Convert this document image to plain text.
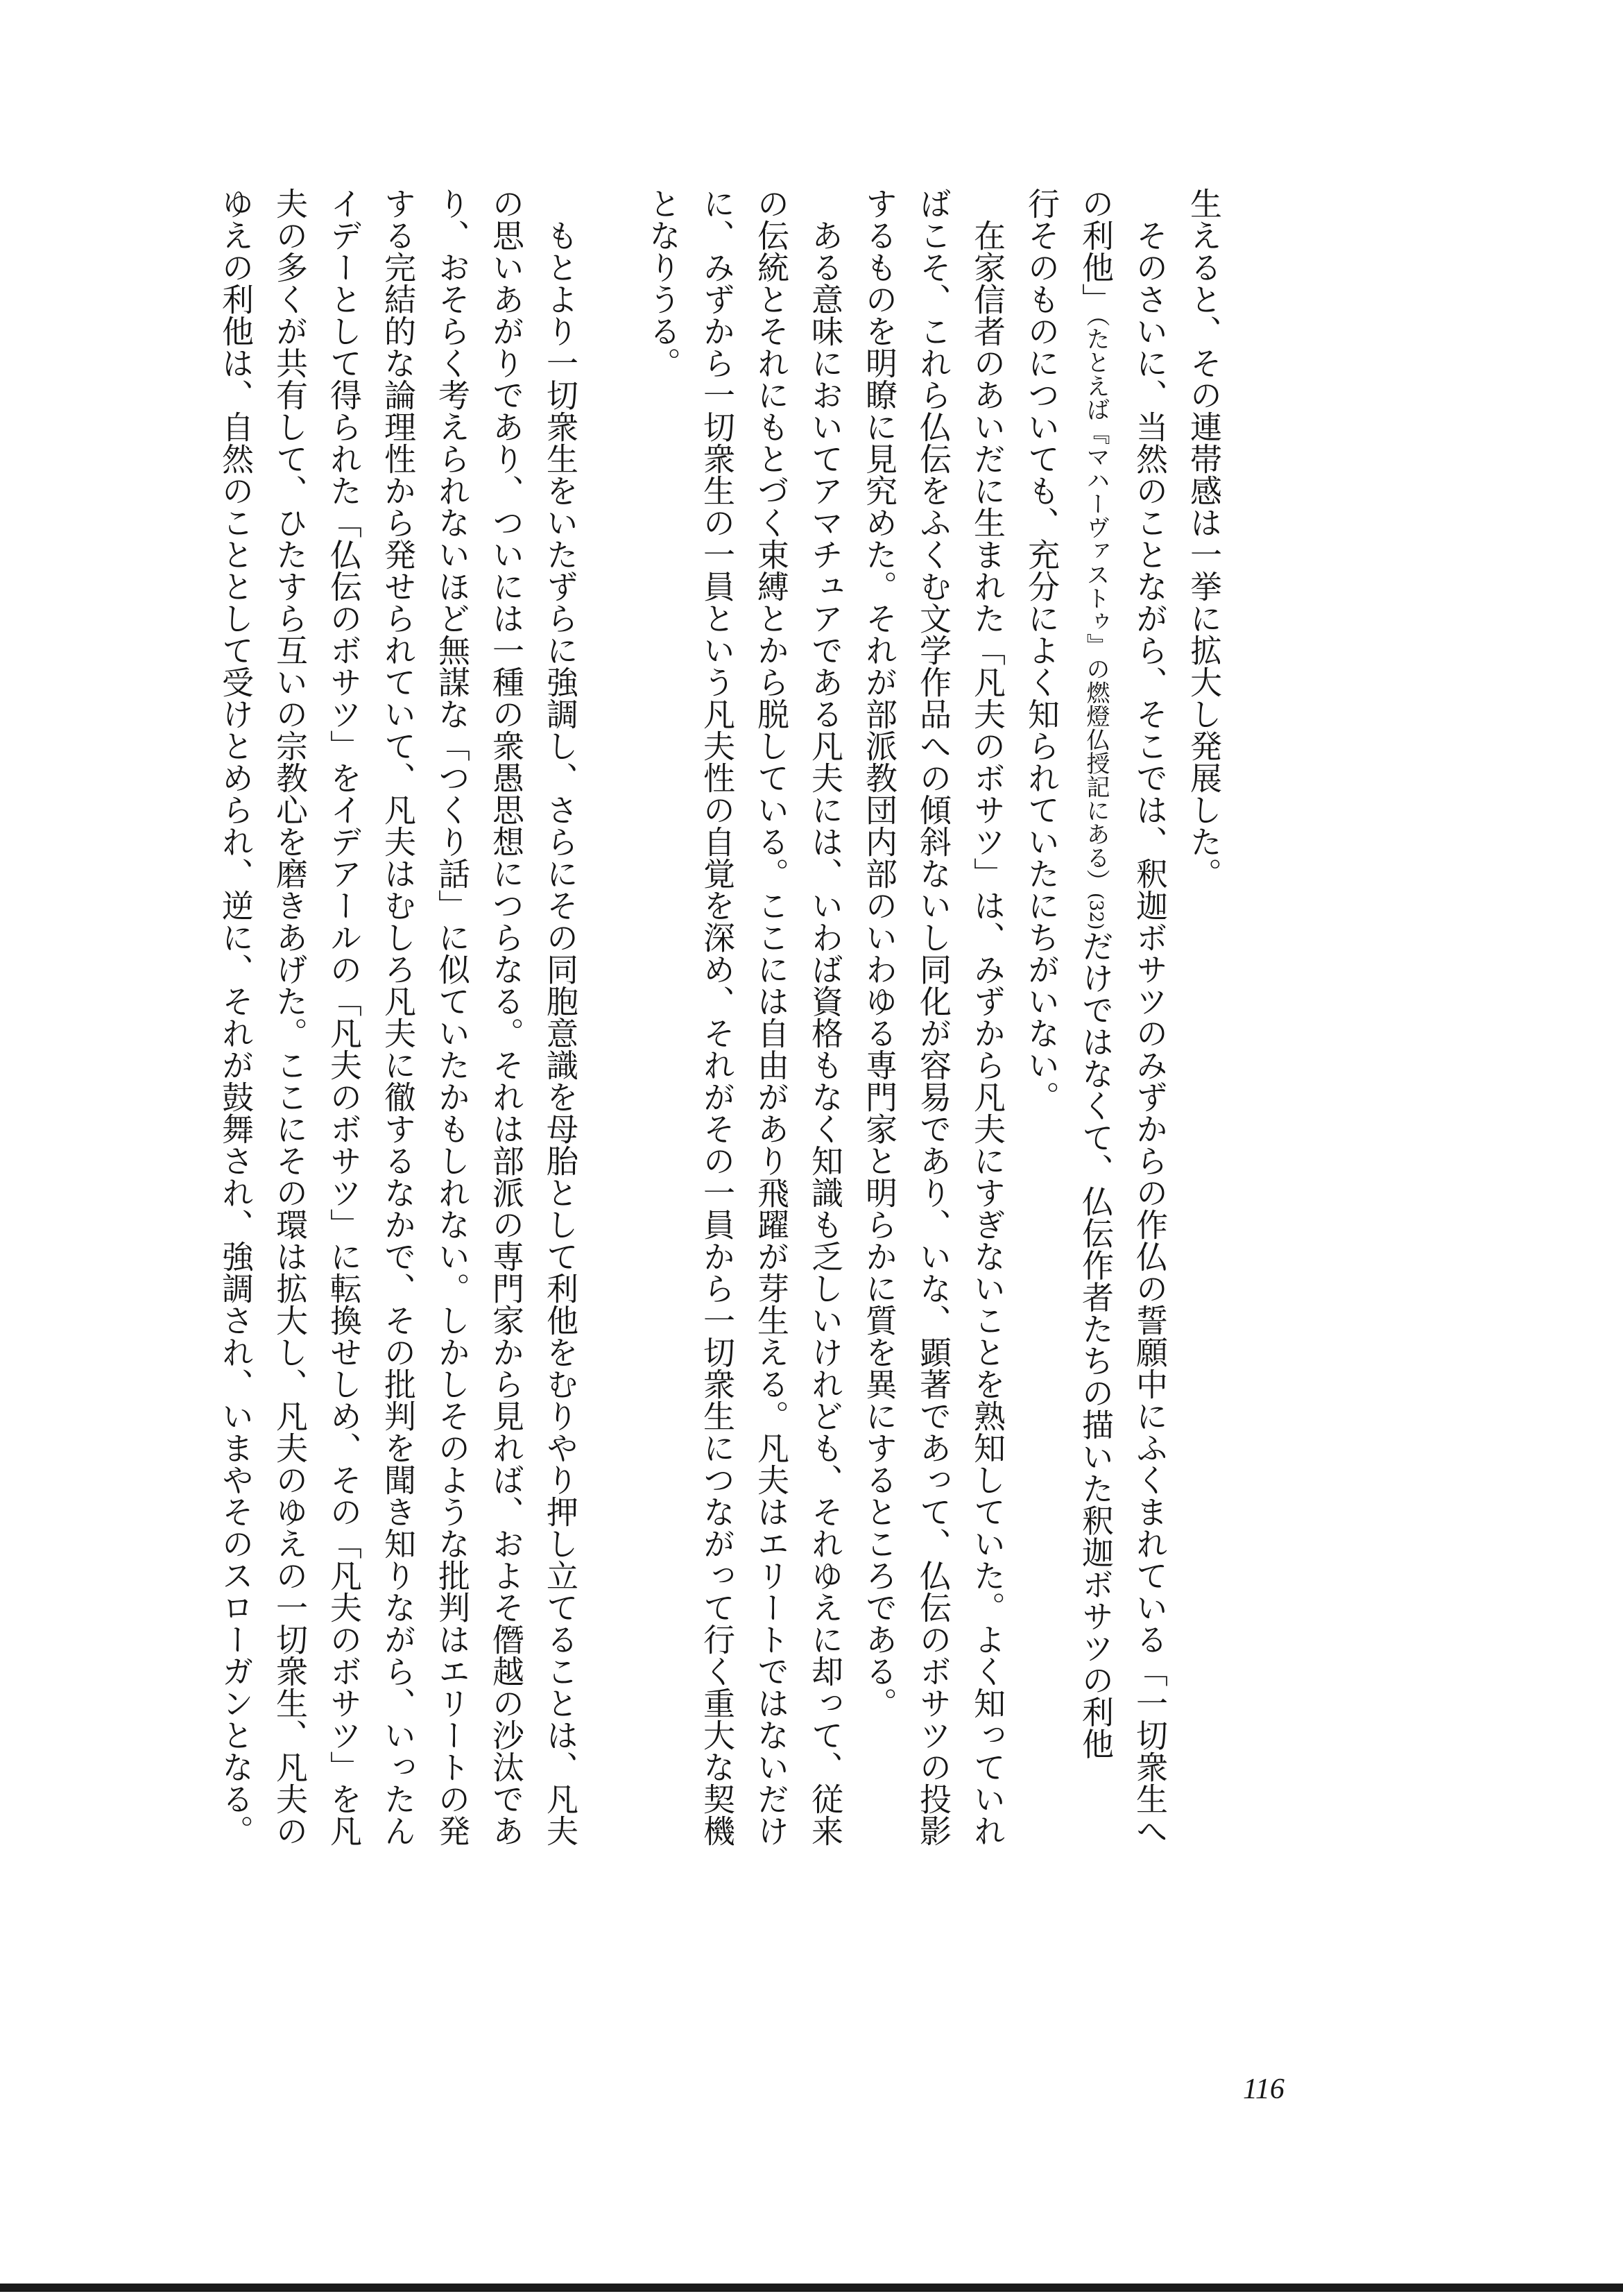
生えると、その連帯感は一挙に拡大し発展した。
そのさいに、当然のことながら、そこでは、釈迦ボサツのみずからの作仏の誓願中にふくまれている「一切衆生へ
の利他」（たとえば『マハーヴァストゥ』の燃燈仏授記にある）(32)だけではなくて、仏伝作者たちの描いた釈迦ボサツの利他
行そのものについても、充分によく知られていたにちがいない。
在家信者のあいだに生まれた「凡夫のボサツ」は、みずから凡夫にすぎないことを熟知していた。よく知っていれ
ばこそ、これら仏伝をふくむ文学作品への傾斜ないし同化が容易であり、いな、顕著であって、仏伝のボサツの投影
するものを明瞭に見究めた。それが部派教団内部のいわゆる専門家と明らかに質を異にするところである。
ある意味においてアマチュアである凡夫には、いわば資格もなく知識も乏しいけれども、それゆえに却って、従来
の伝統とそれにもとづく束縛とから脱している。ここには自由があり飛躍が芽生える。凡夫はエリートではないだけ
に、みずから一切衆生の一員という凡夫性の自覚を深め、それがその一員から一切衆生につながって行く重大な契機
となりうる。
もとより一切衆生をいたずらに強調し、さらにその同胞意識を母胎として利他をむりやり押し立てることは、凡夫
の思いあがりであり、ついには一種の衆愚思想につらなる。それは部派の専門家から見れば、およそ僭越の沙汰であ
り、おそらく考えられないほど無謀な「つくり話」に似ていたかもしれない。しかしそのような批判はエリートの発
する完結的な論理性から発せられていて、凡夫はむしろ凡夫に徹するなかで、その批判を聞き知りながら、いったん
イデーとして得られた「仏伝のボサツ」をイデアールの「凡夫のボサツ」に転換せしめ、その「凡夫のボサツ」を凡
夫の多くが共有して、ひたすら互いの宗教心を磨きあげた。ここにその環は拡大し、凡夫のゆえの一切衆生、凡夫の
ゆえの利他は、自然のこととして受けとめられ、逆に、それが鼓舞され、強調され、いまやそのスローガンとなる。
116
